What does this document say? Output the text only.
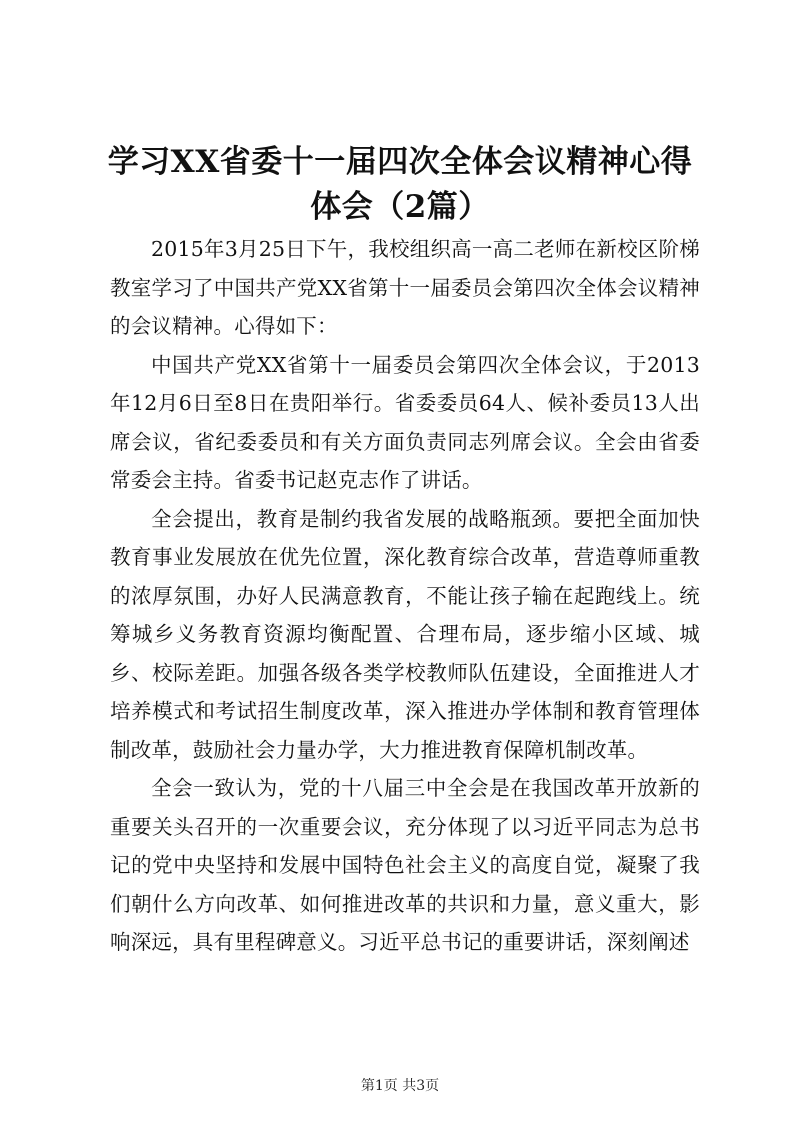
学习XX省委十一届四次全体会议精神心得体会（2篇）

2015年3月25日下午，我校组织高一高二老师在新校区阶梯教室学习了中国共产党XX省第十一届委员会第四次全体会议精神的会议精神。心得如下：

中国共产党XX省第十一届委员会第四次全体会议，于2013年12月6日至8日在贵阳举行。省委委员64人、候补委员13人出席会议，省纪委委员和有关方面负责同志列席会议。全会由省委常委会主持。省委书记赵克志作了讲话。

全会提出，教育是制约我省发展的战略瓶颈。要把全面加快教育事业发展放在优先位置，深化教育综合改革，营造尊师重教的浓厚氛围，办好人民满意教育，不能让孩子输在起跑线上。统筹城乡义务教育资源均衡配置、合理布局，逐步缩小区域、城乡、校际差距。加强各级各类学校教师队伍建设，全面推进人才培养模式和考试招生制度改革，深入推进办学体制和教育管理体制改革，鼓励社会力量办学，大力推进教育保障机制改革。

全会一致认为，党的十八届三中全会是在我国改革开放新的重要关头召开的一次重要会议，充分体现了以习近平同志为总书记的党中央坚持和发展中国特色社会主义的高度自觉，凝聚了我们朝什么方向改革、如何推进改革的共识和力量，意义重大，影响深远，具有里程碑意义。习近平总书记的重要讲话，深刻阐述

第1页 共3页
